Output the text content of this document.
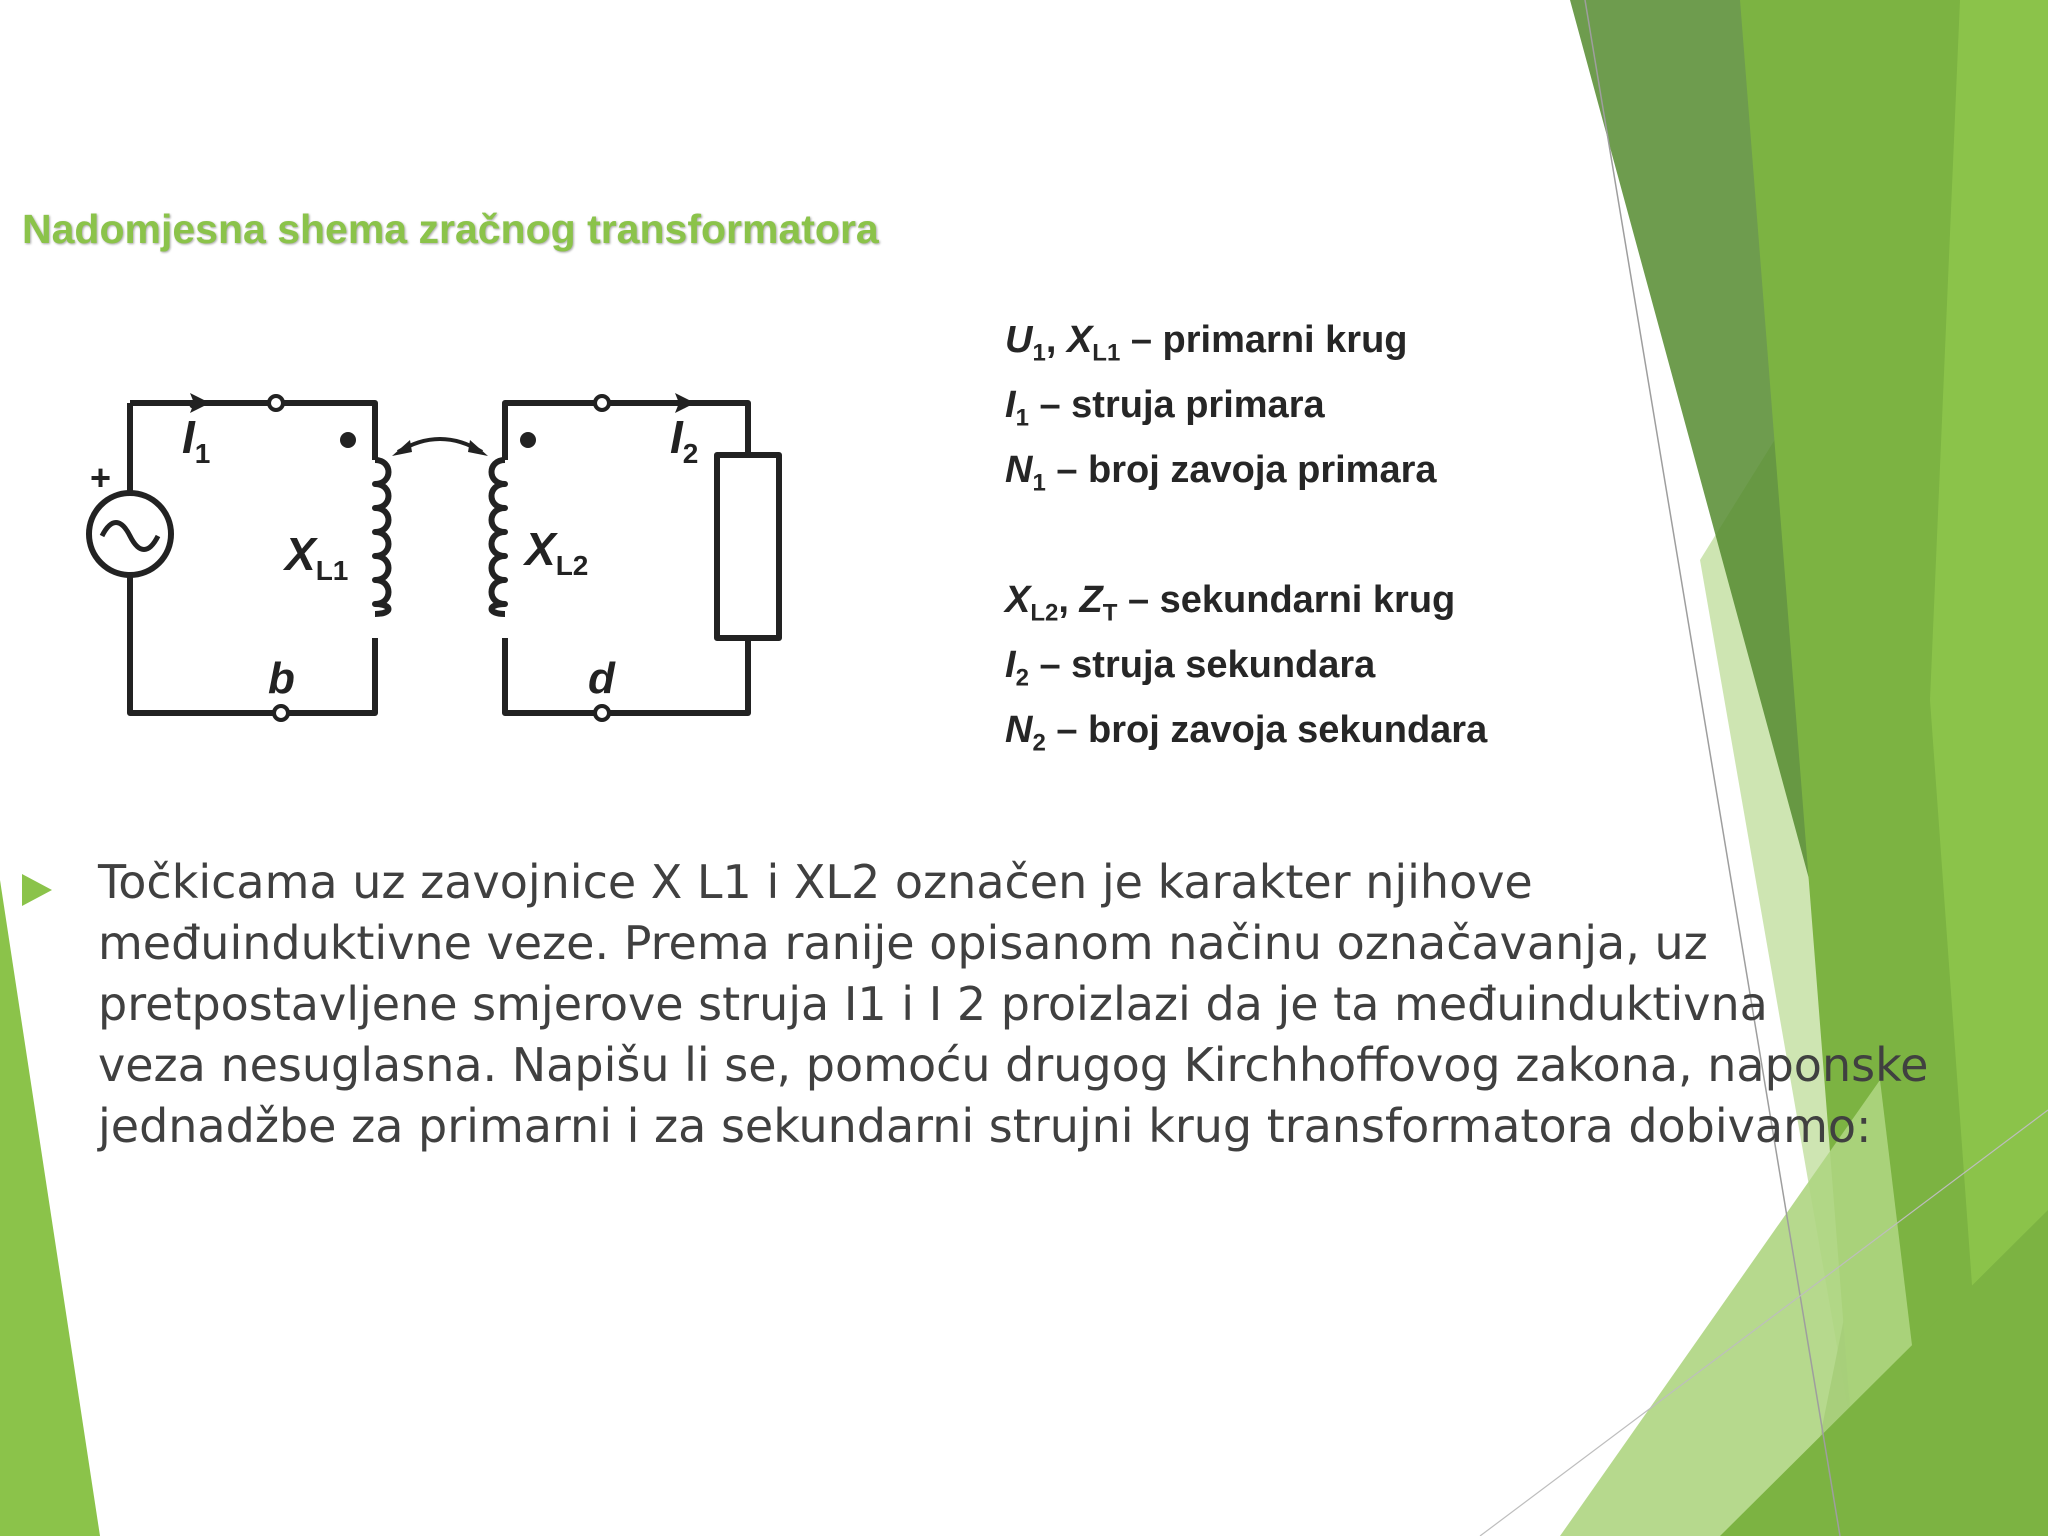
Nadomjesna shema zračnog transformatora
+
$I_1$	$I_2$
$X_{L1}$	$X_{L2}$
b	d
$U_1$, $X_{L1}$ – primarni krug
$I_1$ – struja primara
$N_1$ – broj zavoja primara
$X_{L2}$, $Z_T$ – sekundarni krug
$I_2$ – struja sekundara
$N_2$ – broj zavoja sekundara
Točkicama uz zavojnice X L1 i XL2 označen je karakter njihove
međuinduktivne veze. Prema ranije opisanom načinu označavanja, uz
pretpostavljene smjerove struja I1 i I 2 proizlazi da je ta međuinduktivna
veza nesuglasna. Napišu li se, pomoću drugog Kirchhoffovog zakona, naponske
jednadžbe za primarni i za sekundarni strujni krug transformatora dobivamo:
